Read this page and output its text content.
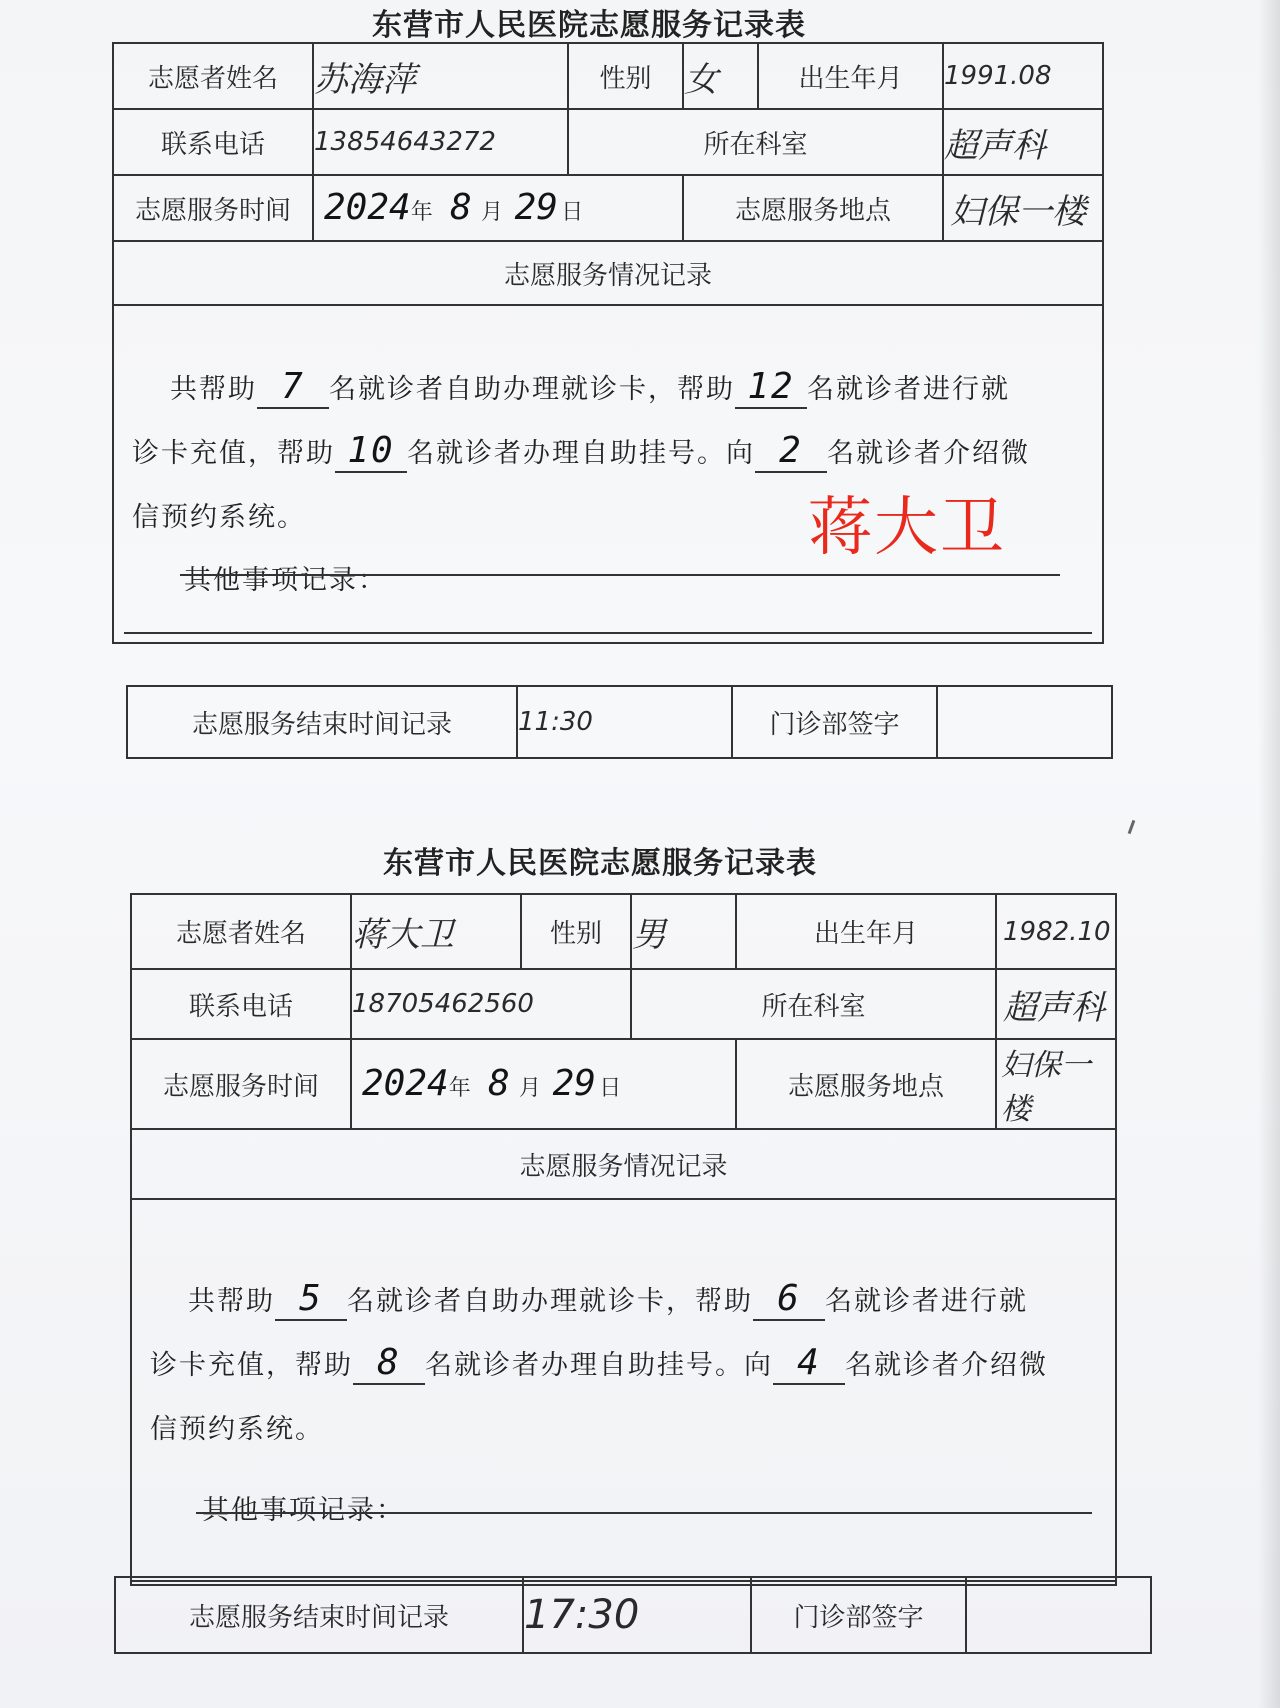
东营市人民医院志愿服务记录表
志愿者姓名	苏海萍	性别	女	出生年月	1991.08
联系电话	13854643272	所在科室			超声科
志愿服务时间	2024年 8 月 29 日		志愿服务地点		妇保一楼
志愿服务情况记录					

共帮助 7 名就诊者自助办理就诊卡，帮助 12 名就诊者进行就
诊卡充值，帮助 10 名就诊者办理自助挂号。向 2 名就诊者介绍微
信预约系统。
其他事项记录：					
志愿服务结束时间记录	11:30	门诊部签字	
蒋大卫
东营市人民医院志愿服务记录表
志愿者姓名	蒋大卫	性别	男	出生年月	1982.10
联系电话	18705462560		所在科室		超声科
志愿服务时间	2024年 8 月 29 日			志愿服务地点	妇保一楼
志愿服务情况记录					

共帮助 5 名就诊者自助办理就诊卡，帮助 6 名就诊者进行就
诊卡充值，帮助 8 名就诊者办理自助挂号。向 4 名就诊者介绍微
信预约系统。
其他事项记录：					
志愿服务结束时间记录	17:30	门诊部签字	
